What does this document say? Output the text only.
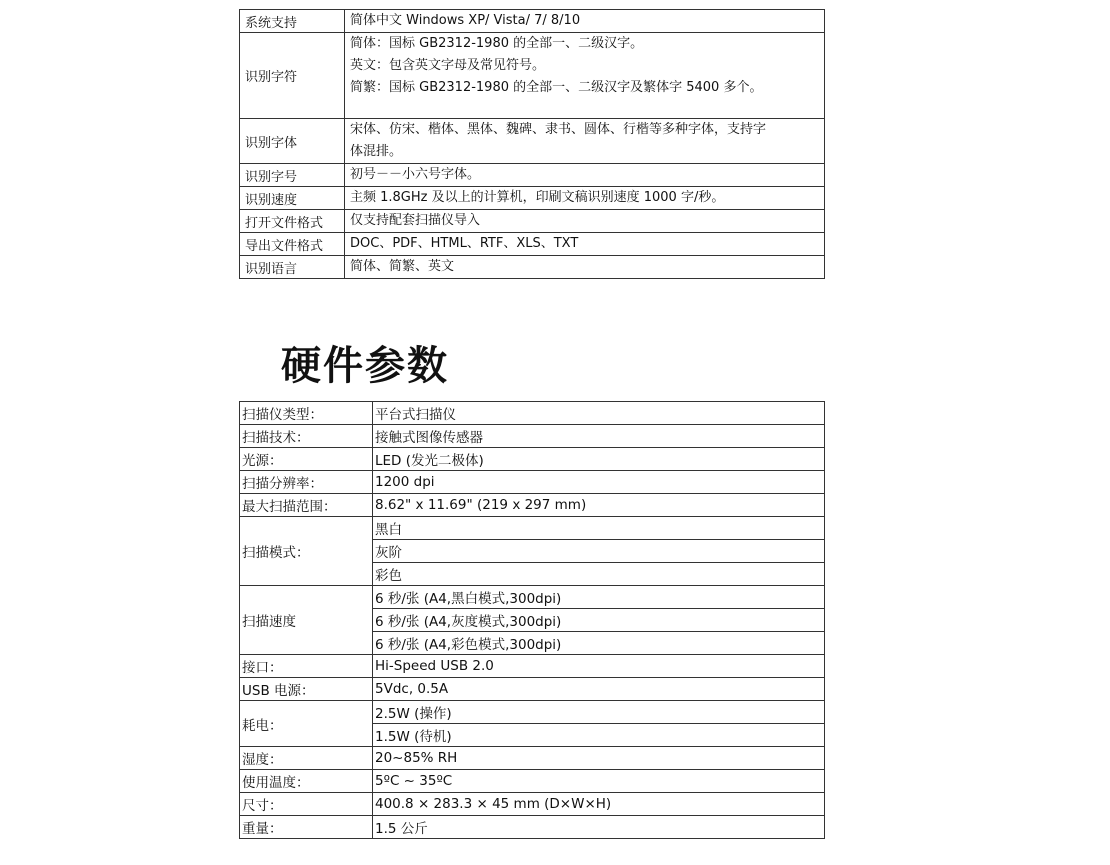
系统支持	简体中文 Windows XP/ Vista/ 7/ 8/10

识别字符	简体：国标 GB2312-1980 的全部一、二级汉字。
英文：包含英文字母及常见符号。
简繁：国标 GB2312-1980 的全部一、二级汉字及繁体字 5400 多个。

识别字体	宋体、仿宋、楷体、黑体、魏碑、隶书、圆体、行楷等多种字体，支持字
体混排。

识别字号	初号－－小六号字体。

识别速度	主频 1.8GHz 及以上的计算机，印刷文稿识别速度 1000 字/秒。

打开文件格式	仅支持配套扫描仪导入

导出文件格式	DOC、PDF、HTML、RTF、XLS、TXT

识别语言	简体、简繁、英文
硬件参数
扫描仪类型：	平台式扫描仪
扫描技术：	接触式图像传感器
光源：	LED (发光二极体)
扫描分辨率：	1200 dpi
最大扫描范围：	8.62" x 11.69" (219 x 297 mm)
扫描模式：	黑白
	灰阶
	彩色
扫描速度	6 秒/张 (A4,黑白模式,300dpi)
	6 秒/张 (A4,灰度模式,300dpi)
	6 秒/张 (A4,彩色模式,300dpi)
接口：	Hi-Speed USB 2.0
USB 电源：	5Vdc, 0.5A
耗电：	2.5W (操作)
	1.5W (待机)
湿度：	20~85% RH
使用温度：	5ºC ~ 35ºC
尺寸：	400.8 × 283.3 × 45 mm (D×W×H)
重量：	1.5 公斤
